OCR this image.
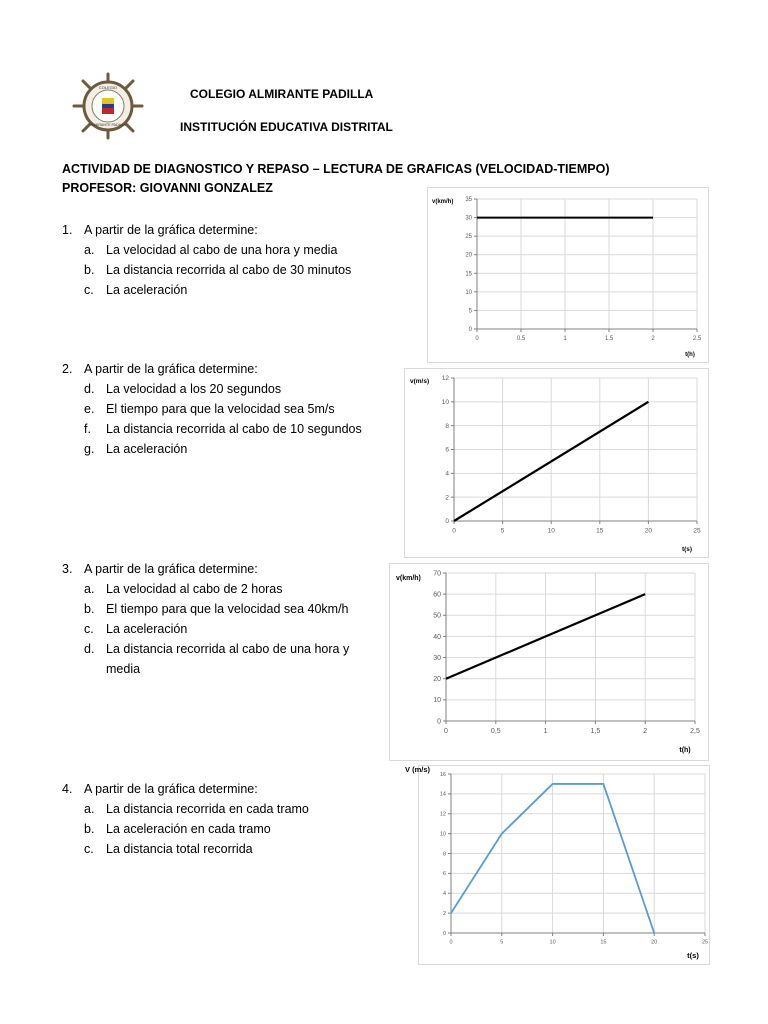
COLEGIO
ALMIRANTE PADILLA
COLEGIO ALMIRANTE PADILLA
INSTITUCIÓN EDUCATIVA DISTRITAL
ACTIVIDAD DE DIAGNOSTICO Y REPASO – LECTURA DE GRAFICAS (VELOCIDAD-TIEMPO)
PROFESOR: GIOVANNI GONZALEZ
1. A partir de la gráfica determine:
a. La velocidad al cabo de una hora y media
b. La distancia recorrida al cabo de 30 minutos
c. La aceleración
2. A partir de la gráfica determine:
d. La velocidad a los 20 segundos
e. El tiempo para que la velocidad sea 5m/s
f. La distancia recorrida al cabo de 10 segundos
g. La aceleración
3. A partir de la gráfica determine:
a. La velocidad al cabo de 2 horas
b. El tiempo para que la velocidad sea 40km/h
c. La aceleración
d. La distancia recorrida al cabo de una hora y
media
4. A partir de la gráfica determine:
a. La distancia recorrida en cada tramo
b. La aceleración en cada tramo
c. La distancia total recorrida
0
5
10
15
20
25
30
35
0	0,5	1	1,5	2	2,5
v(km/h)
t(h)
0
2
4
6
8
10
12
0	5	10	15	20	25
v(m/s)
t(s)
0
10
20
30
40
50
60
70
0	0,5	1	1,5	2	2,5
v(km/h)
t(h)
0
2
4
6
8
10
12
14
16
0	5	10	15	20	25
V (m/s)
t(s)
